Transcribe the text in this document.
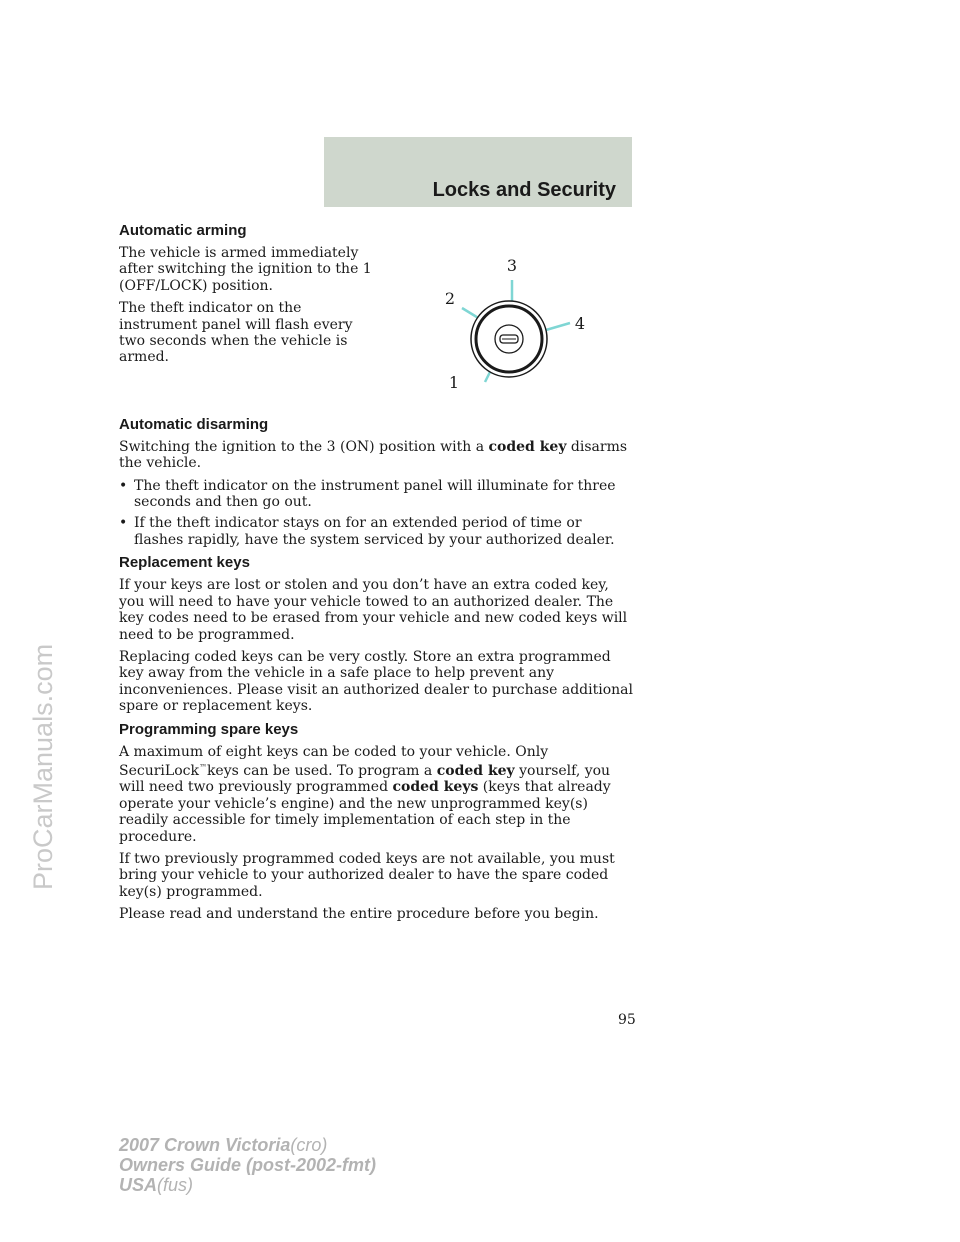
Locks and Security
Automatic arming

The vehicle is armed immediately after switching the ignition to the 1 (OFF/LOCK) position.

The theft indicator on the instrument panel will flash every two seconds when the vehicle is armed.

Automatic disarming

Switching the ignition to the 3 (ON) position with a coded key disarms the vehicle.

• The theft indicator on the instrument panel will illuminate for three seconds and then go out.
• If the theft indicator stays on for an extended period of time or flashes rapidly, have the system serviced by your authorized dealer.
Replacement keys

If your keys are lost or stolen and you don’t have an extra coded key, you will need to have your vehicle towed to an authorized dealer. The key codes need to be erased from your vehicle and new coded keys will need to be programmed.

Replacing coded keys can be very costly. Store an extra programmed key away from the vehicle in a safe place to help prevent any inconveniences. Please visit an authorized dealer to purchase additional spare or replacement keys.

Programming spare keys

A maximum of eight keys can be coded to your vehicle. Only SecuriLock™keys can be used. To program a coded key yourself, you will need two previously programmed coded keys (keys that already operate your vehicle’s engine) and the new unprogrammed key(s) readily accessible for timely implementation of each step in the procedure.

If two previously programmed coded keys are not available, you must bring your vehicle to your authorized dealer to have the spare coded key(s) programmed.

Please read and understand the entire procedure before you begin.

3
2
4
1
95
2007 Crown Victoria(cro)
Owners Guide (post-2002-fmt)
USA(fus)
ProCarManuals.com
